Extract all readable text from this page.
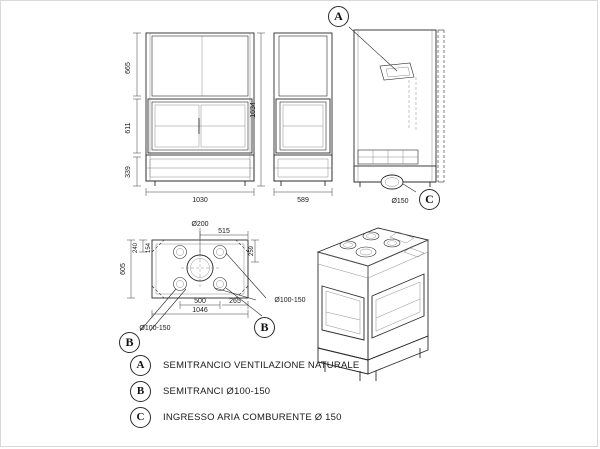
665
611
339
1030
1634
589	Ø150
Ø200
515
240 154
605
259
500	265
1046
Ø100-150
Ø100-150
A
C
B
B
A	SEMITRANCIO VENTILAZIONE NATURALE
B	SEMITRANCI Ø100-150
C	INGRESSO ARIA COMBURENTE Ø 150
